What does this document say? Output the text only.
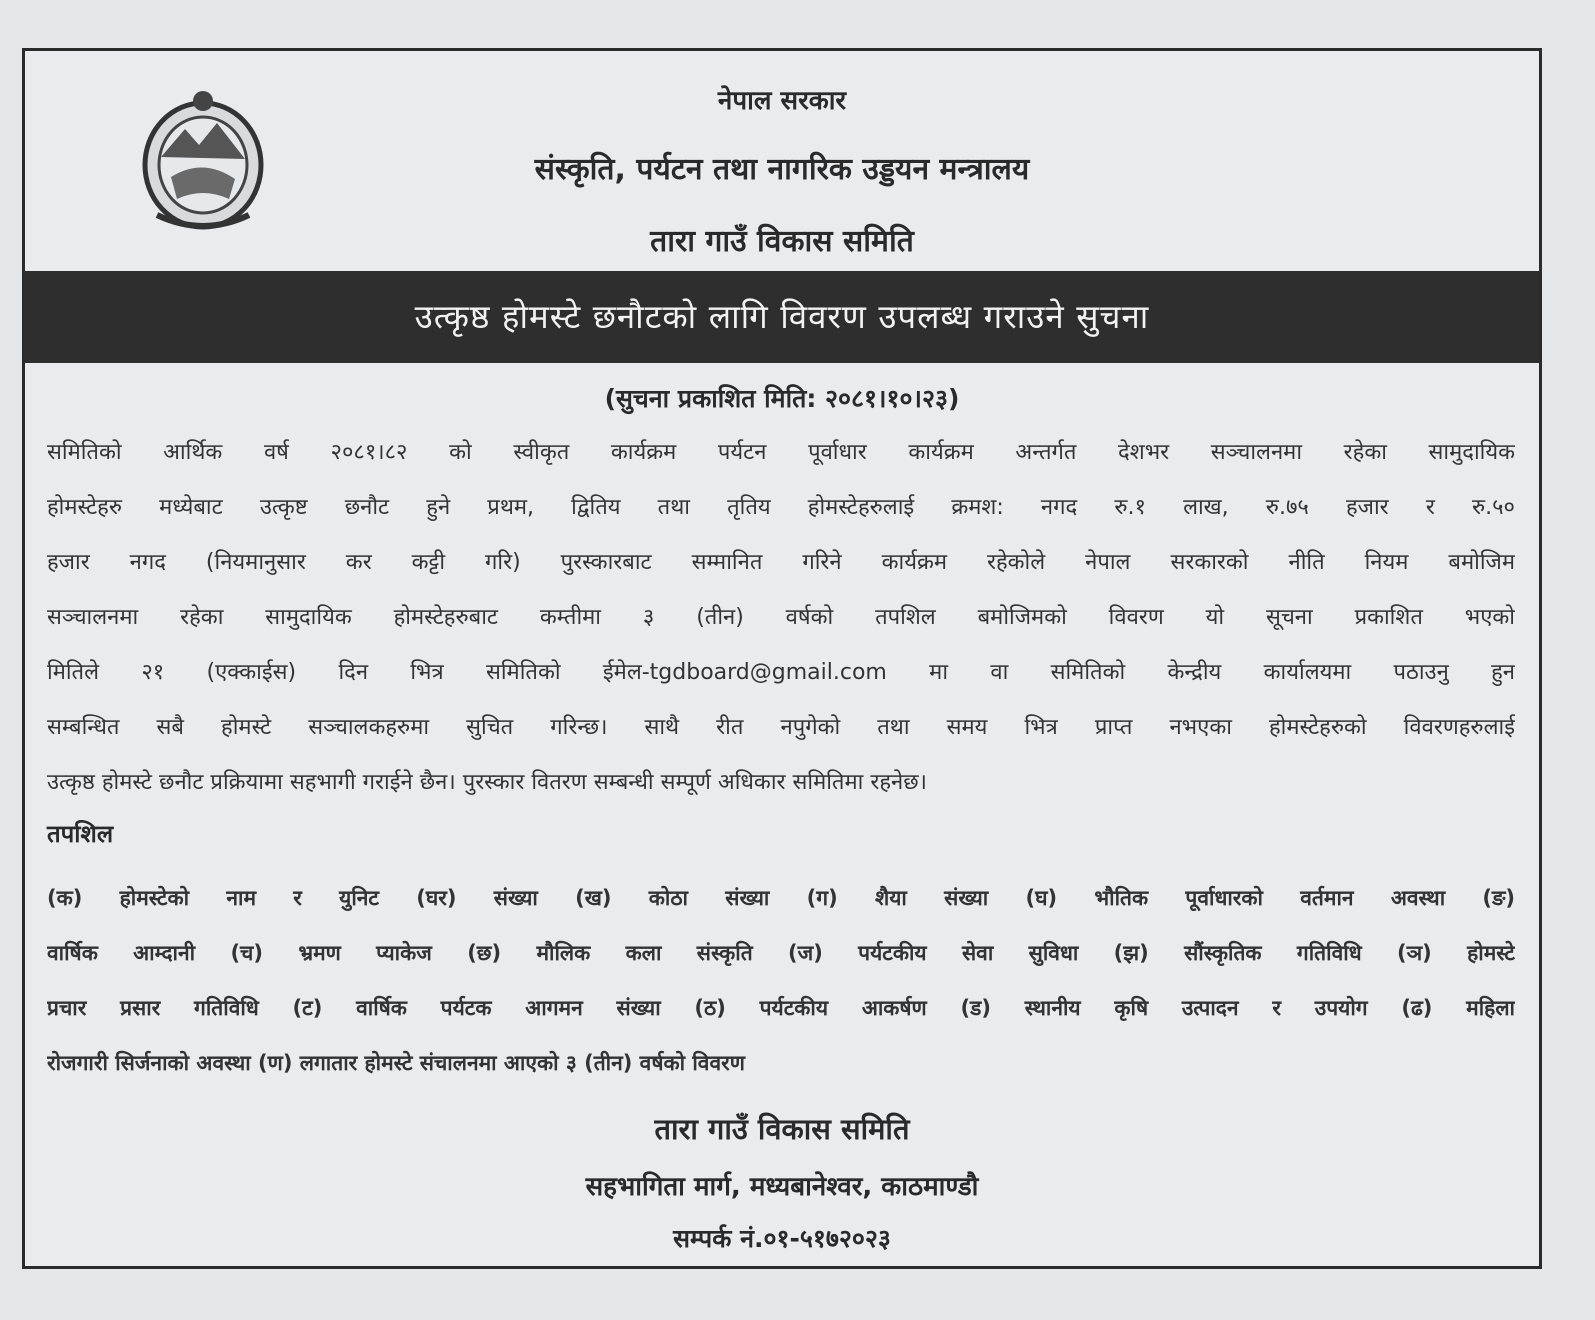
नेपाल सरकार
संस्कृति, पर्यटन तथा नागरिक उड्डयन मन्त्रालय
तारा गाउँ विकास समिति
उत्कृष्ठ होमस्टे छनौटको लागि विवरण उपलब्ध गराउने सुचना
(सुचना प्रकाशित मिति: २०८१।१०।२३)
समितिको आर्थिक वर्ष २०८१।८२ को स्वीकृत कार्यक्रम पर्यटन पूर्वाधार कार्यक्रम अन्तर्गत देशभर सञ्चालनमा रहेका सामुदायिक
होमस्टेहरु मध्येबाट उत्कृष्ट छनौट हुने प्रथम, द्वितिय तथा तृतिय होमस्टेहरुलाई क्रमश: नगद रु.१ लाख, रु.७५ हजार र रु.५०
हजार नगद (नियमानुसार कर कट्टी गरि) पुरस्कारबाट सम्मानित गरिने कार्यक्रम रहेकोले नेपाल सरकारको नीति नियम बमोजिम
सञ्चालनमा रहेका सामुदायिक होमस्टेहरुबाट कम्तीमा ३ (तीन) वर्षको तपशिल बमोजिमको विवरण यो सूचना प्रकाशित भएको
मितिले २१ (एक्काईस) दिन भित्र समितिको ईमेल-tgdboard@gmail.com मा वा समितिको केन्द्रीय कार्यालयमा पठाउनु हुन
सम्बन्धित सबै होमस्टे सञ्चालकहरुमा सुचित गरिन्छ। साथै रीत नपुगेको तथा समय भित्र प्राप्त नभएका होमस्टेहरुको विवरणहरुलाई
उत्कृष्ठ होमस्टे छनौट प्रक्रियामा सहभागी गराईने छैन। पुरस्कार वितरण सम्बन्धी सम्पूर्ण अधिकार समितिमा रहनेछ।
तपशिल
(क) होमस्टेको नाम र युनिट (घर) संख्या (ख) कोठा संख्या (ग) शैया संख्या (घ) भौतिक पूर्वाधारको वर्तमान अवस्था (ङ)
वार्षिक आम्दानी (च) भ्रमण प्याकेज (छ) मौलिक कला संस्कृति (ज) पर्यटकीय सेवा सुविधा (झ) सौंस्कृतिक गतिविधि (ञ) होमस्टे
प्रचार प्रसार गतिविधि (ट) वार्षिक पर्यटक आगमन संख्या (ठ) पर्यटकीय आकर्षण (ड) स्थानीय कृषि उत्पादन र उपयोग (ढ) महिला
रोजगारी सिर्जनाको अवस्था (ण) लगातार होमस्टे संचालनमा आएको ३ (तीन) वर्षको विवरण
तारा गाउँ विकास समिति
सहभागिता मार्ग, मध्यबानेश्वर, काठमाण्डौ
सम्पर्क नं.०१-५१७२०२३
